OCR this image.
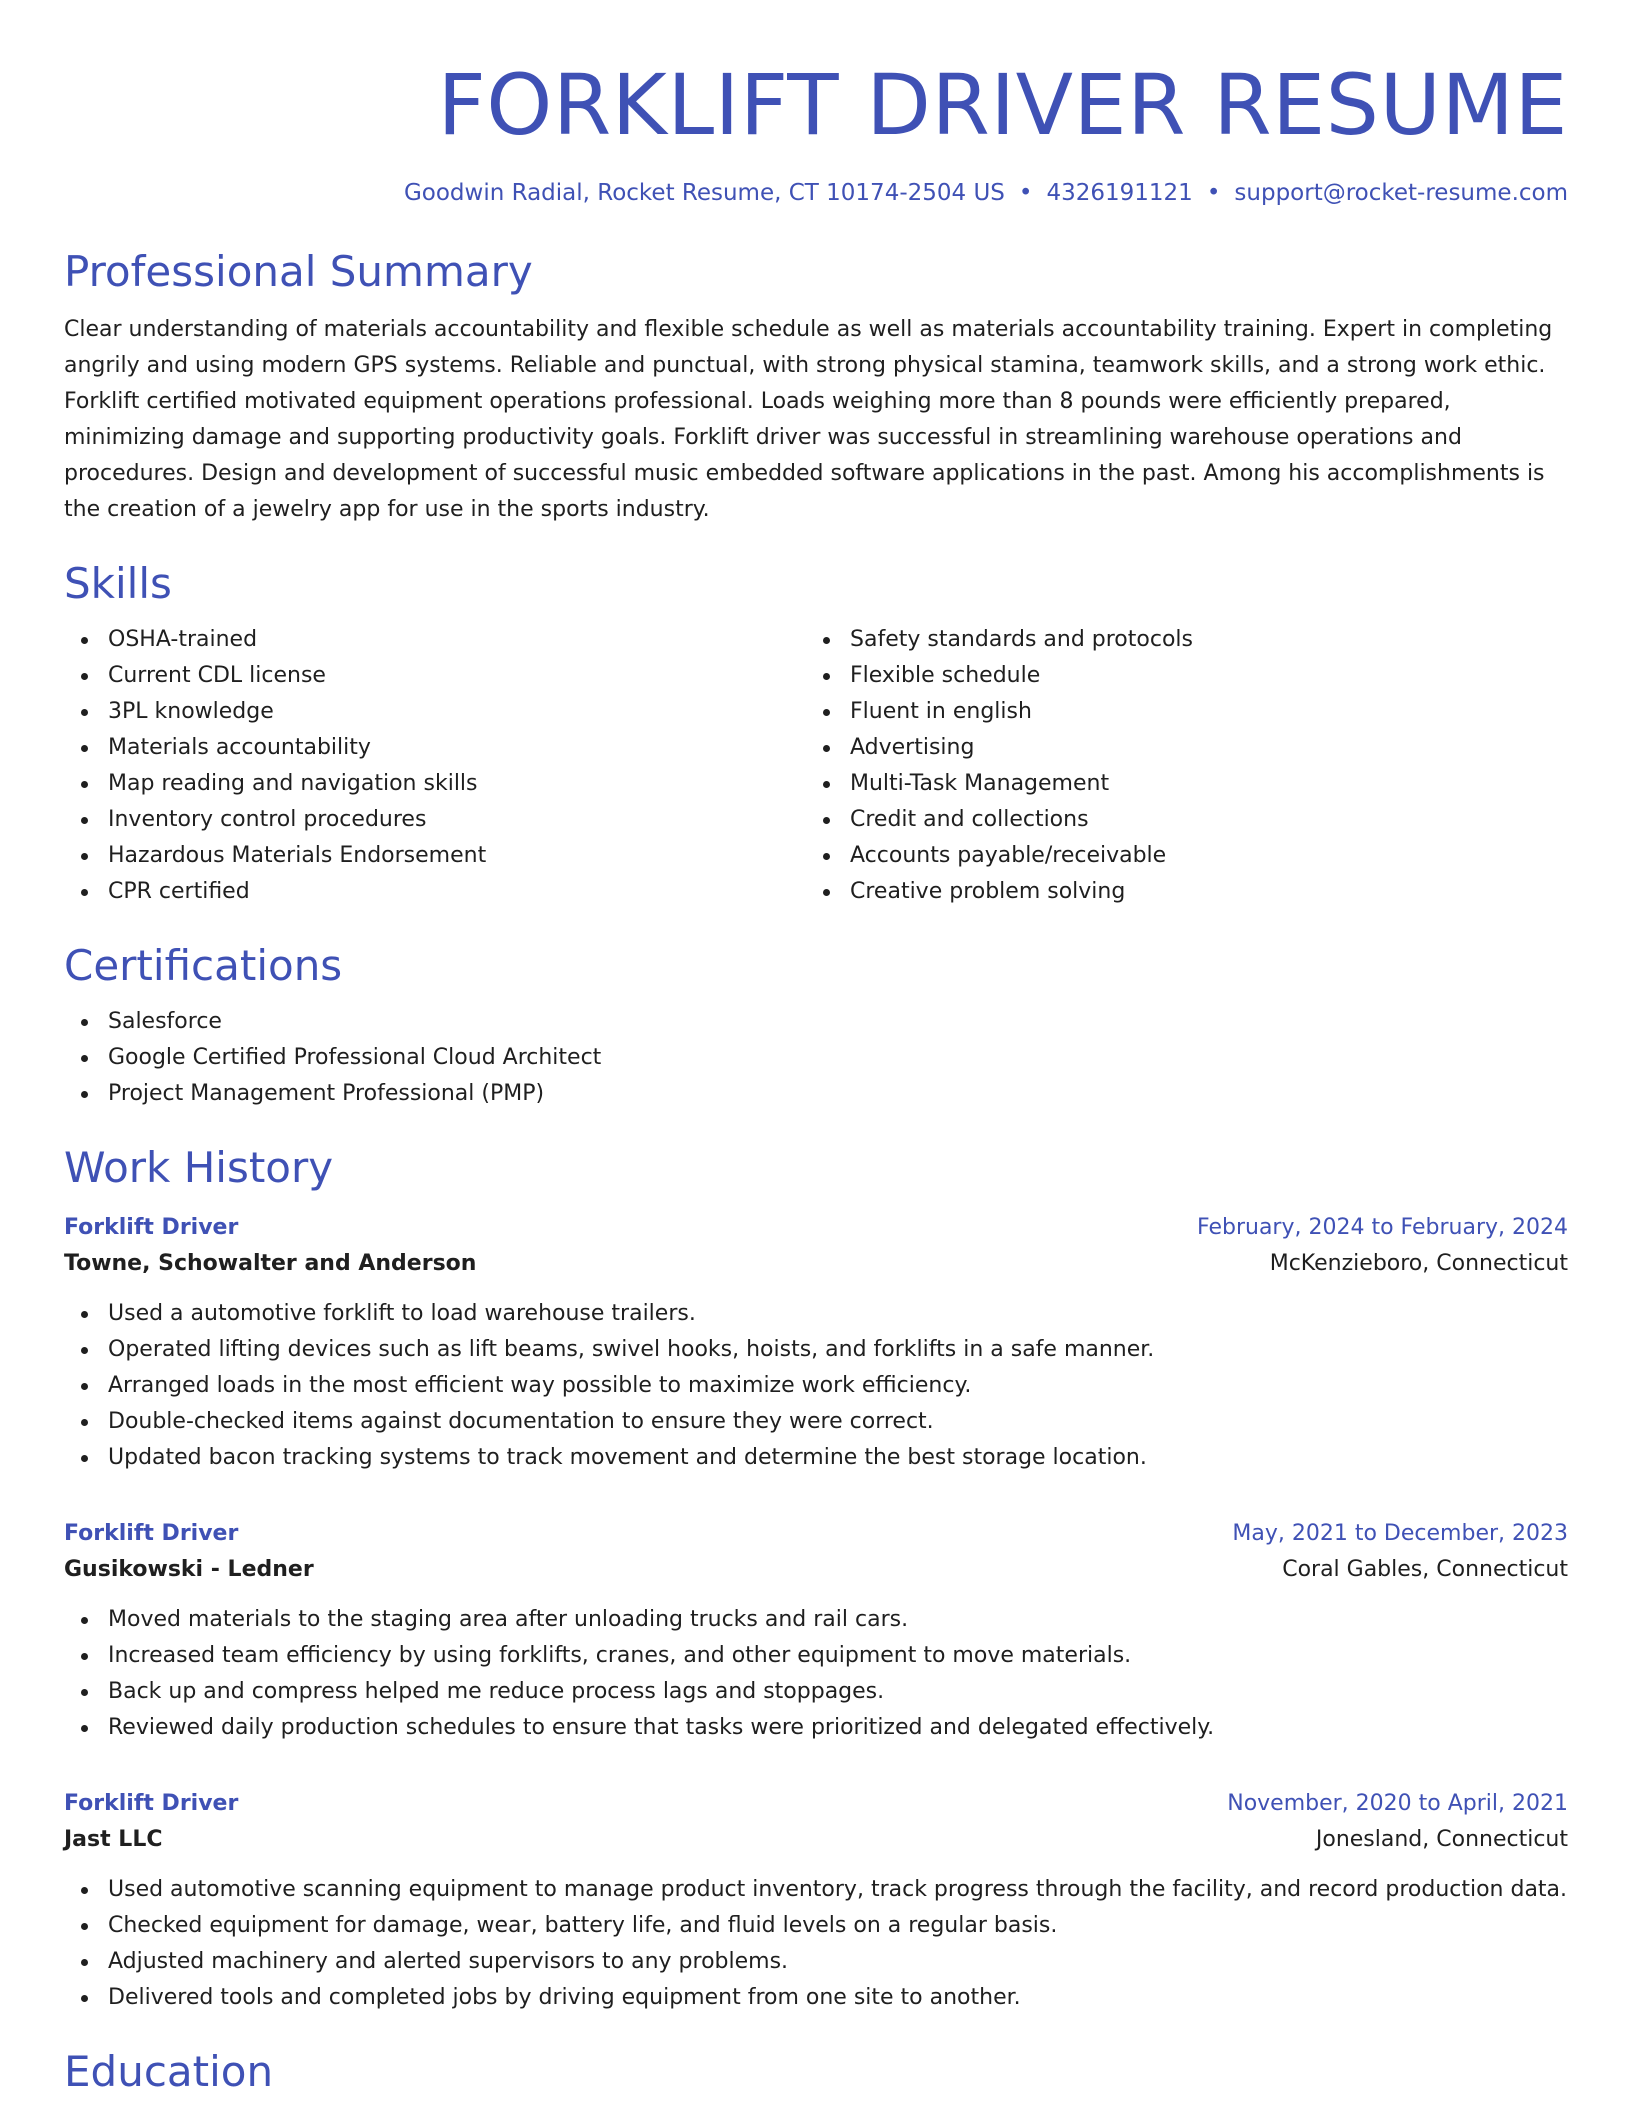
FORKLIFT DRIVER RESUME
Goodwin Radial, Rocket Resume, CT 10174-2504 US • 4326191121 • support@rocket-resume.com
Professional Summary

Clear understanding of materials accountability and flexible schedule as well as materials accountability training. Expert in completing angrily and using modern GPS systems. Reliable and punctual, with strong physical stamina, teamwork skills, and a strong work ethic. Forklift certified motivated equipment operations professional. Loads weighing more than 8 pounds were efficiently prepared, minimizing damage and supporting productivity goals. Forklift driver was successful in streamlining warehouse operations and procedures. Design and development of successful music embedded software applications in the past. Among his accomplishments is the creation of a jewelry app for use in the sports industry.

Skills
OSHA-trained
Current CDL license
3PL knowledge
Materials accountability
Map reading and navigation skills
Inventory control procedures
Hazardous Materials Endorsement
CPR certified
Safety standards and protocols
Flexible schedule
Fluent in english
Advertising
Multi-Task Management
Credit and collections
Accounts payable/receivable
Creative problem solving
Certifications
Salesforce
Google Certified Professional Cloud Architect
Project Management Professional (PMP)
Work History
Forklift Driver	February, 2024 to February, 2024
Towne, Schowalter and Anderson	McKenzieboro, Connecticut
Used a automotive forklift to load warehouse trailers.
Operated lifting devices such as lift beams, swivel hooks, hoists, and forklifts in a safe manner.
Arranged loads in the most efficient way possible to maximize work efficiency.
Double-checked items against documentation to ensure they were correct.
Updated bacon tracking systems to track movement and determine the best storage location.
Forklift Driver	May, 2021 to December, 2023
Gusikowski - Ledner	Coral Gables, Connecticut
Moved materials to the staging area after unloading trucks and rail cars.
Increased team efficiency by using forklifts, cranes, and other equipment to move materials.
Back up and compress helped me reduce process lags and stoppages.
Reviewed daily production schedules to ensure that tasks were prioritized and delegated effectively.
Forklift Driver	November, 2020 to April, 2021
Jast LLC	Jonesland, Connecticut
Used automotive scanning equipment to manage product inventory, track progress through the facility, and record production data.
Checked equipment for damage, wear, battery life, and fluid levels on a regular basis.
Adjusted machinery and alerted supervisors to any problems.
Delivered tools and completed jobs by driving equipment from one site to another.
Education
